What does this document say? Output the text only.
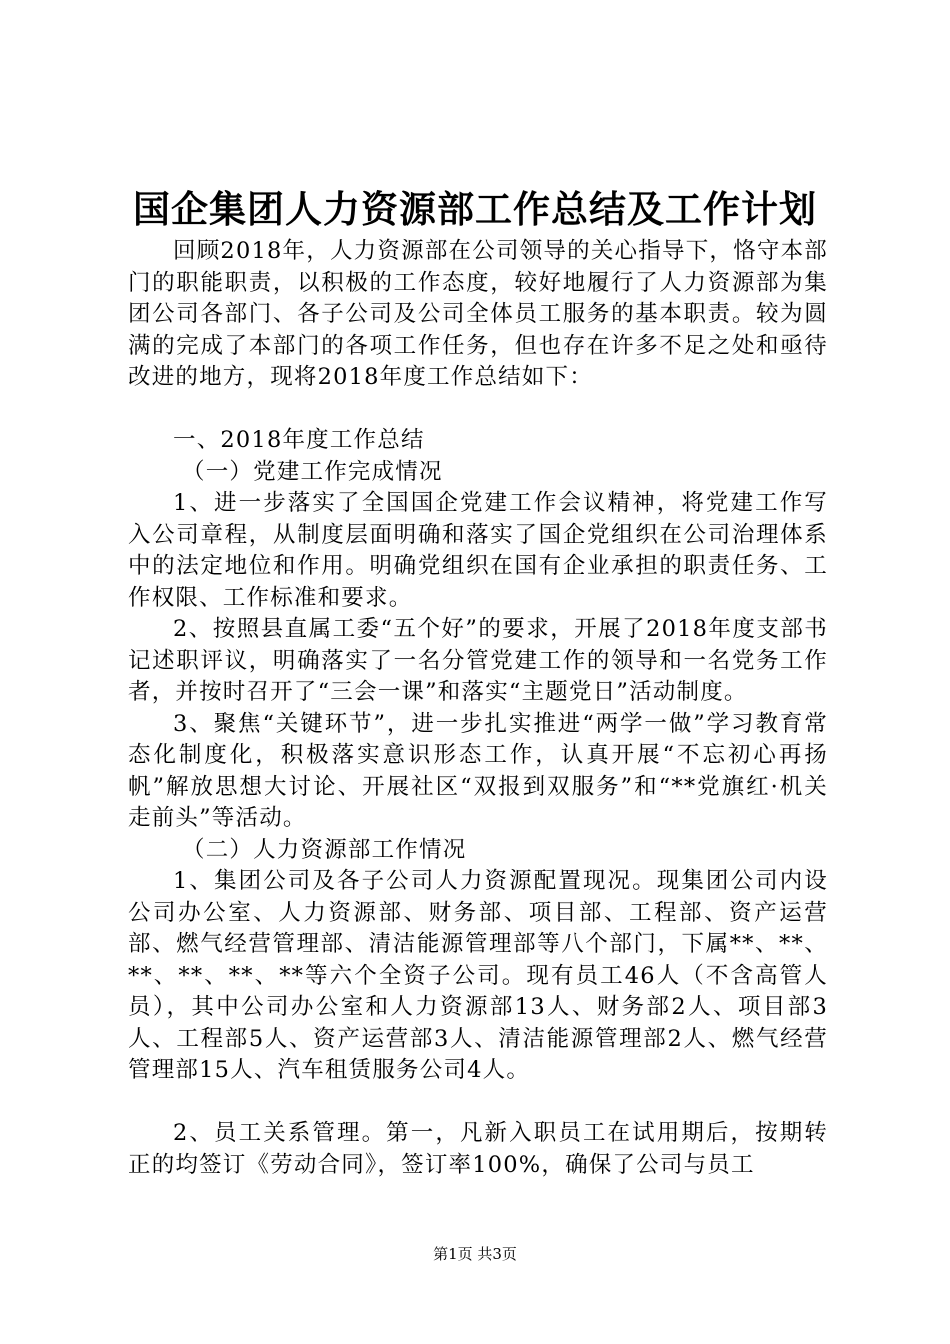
国企集团人力资源部工作总结及工作计划

回顾2018年，人力资源部在公司领导的关心指导下，恪守本部门的职能职责，以积极的工作态度，较好地履行了人力资源部为集团公司各部门、各子公司及公司全体员工服务的基本职责。较为圆满的完成了本部门的各项工作任务，但也存在许多不足之处和亟待改进的地方，现将2018年度工作总结如下：

一、2018年度工作总结

（一）党建工作完成情况

1、进一步落实了全国国企党建工作会议精神，将党建工作写入公司章程，从制度层面明确和落实了国企党组织在公司治理体系中的法定地位和作用。明确党组织在国有企业承担的职责任务、工作权限、工作标准和要求。

2、按照县直属工委“五个好”的要求，开展了2018年度支部书记述职评议，明确落实了一名分管党建工作的领导和一名党务工作者，并按时召开了“三会一课”和落实“主题党日”活动制度。

3、聚焦“关键环节”，进一步扎实推进“两学一做”学习教育常态化制度化，积极落实意识形态工作，认真开展“不忘初心再扬帆”解放思想大讨论、开展社区“双报到双服务”和“**党旗红·机关走前头”等活动。

（二）人力资源部工作情况

1、集团公司及各子公司人力资源配置现况。现集团公司内设公司办公室、人力资源部、财务部、项目部、工程部、资产运营部、燃气经营管理部、清洁能源管理部等八个部门，下属**、**、**、**、**、**等六个全资子公司。现有员工46人（不含高管人员），其中公司办公室和人力资源部13人、财务部2人、项目部3人、工程部5人、资产运营部3人、清洁能源管理部2人、燃气经营管理部15人、汽车租赁服务公司4人。

2、员工关系管理。第一，凡新入职员工在试用期后，按期转正的均签订《劳动合同》，签订率100%，确保了公司与员工

第1页 共3页
